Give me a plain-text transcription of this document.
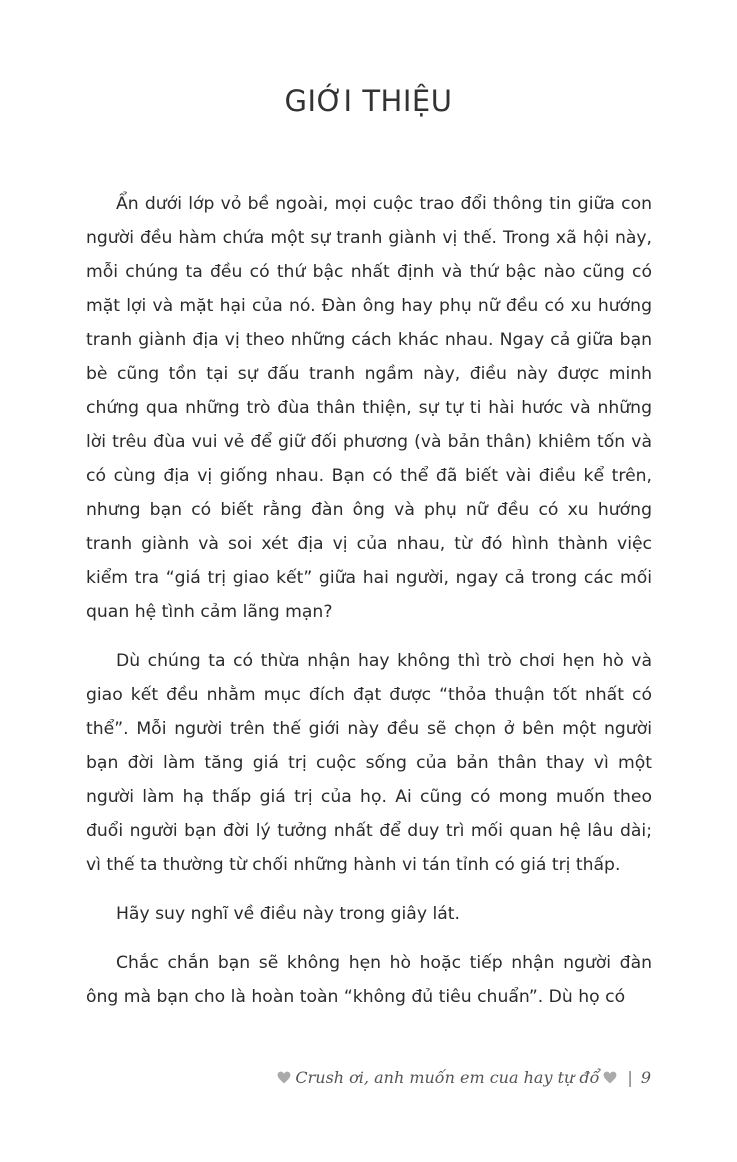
GIỚI THIỆU

Ẩn dưới lớp vỏ bề ngoài, mọi cuộc trao đổi thông tin giữa con người đều hàm chứa một sự tranh giành vị thế. Trong xã hội này, mỗi chúng ta đều có thứ bậc nhất định và thứ bậc nào cũng có mặt lợi và mặt hại của nó. Đàn ông hay phụ nữ đều có xu hướng tranh giành địa vị theo những cách khác nhau. Ngay cả giữa bạn bè cũng tồn tại sự đấu tranh ngầm này, điều này được minh chứng qua những trò đùa thân thiện, sự tự ti hài hước và những lời trêu đùa vui vẻ để giữ đối phương (và bản thân) khiêm tốn và có cùng địa vị giống nhau. Bạn có thể đã biết vài điều kể trên, nhưng bạn có biết rằng đàn ông và phụ nữ đều có xu hướng tranh giành và soi xét địa vị của nhau, từ đó hình thành việc kiểm tra “giá trị giao kết” giữa hai người, ngay cả trong các mối quan hệ tình cảm lãng mạn?

Dù chúng ta có thừa nhận hay không thì trò chơi hẹn hò và giao kết đều nhằm mục đích đạt được “thỏa thuận tốt nhất có thể”. Mỗi người trên thế giới này đều sẽ chọn ở bên một người bạn đời làm tăng giá trị cuộc sống của bản thân thay vì một người làm hạ thấp giá trị của họ. Ai cũng có mong muốn theo đuổi người bạn đời lý tưởng nhất để duy trì mối quan hệ lâu dài; vì thế ta thường từ chối những hành vi tán tỉnh có giá trị thấp.

Hãy suy nghĩ về điều này trong giây lát.

Chắc chắn bạn sẽ không hẹn hò hoặc tiếp nhận người đàn ông mà bạn cho là hoàn toàn “không đủ tiêu chuẩn”. Dù họ có

Crush ơi, anh muốn em cua hay tự đổ | 9
